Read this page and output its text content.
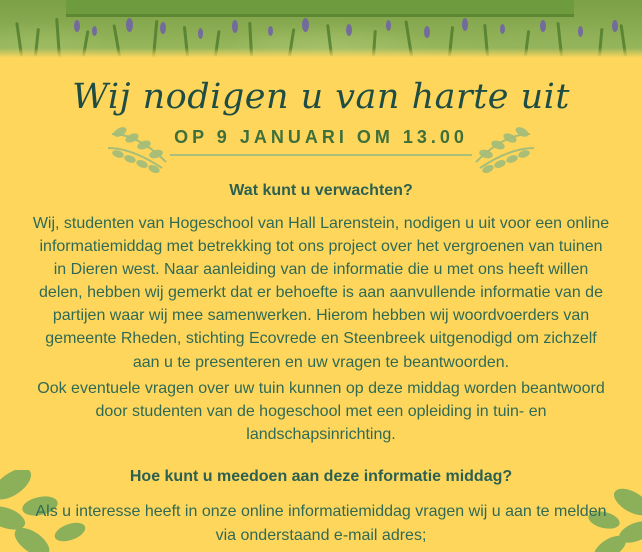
Wij nodigen u van harte uit
OP 9 JANUARI OM 13.00
Wat kunt u verwachten?

Wij, studenten van Hogeschool van Hall Larenstein, nodigen u uit voor een online informatiemiddag met betrekking tot ons project over het vergroenen van tuinen in Dieren west. Naar aanleiding van de informatie die u met ons heeft willen delen, hebben wij gemerkt dat er behoefte is aan aanvullende informatie van de partijen waar wij mee samenwerken. Hierom hebben wij woordvoerders van gemeente Rheden, stichting Ecovrede en Steenbreek uitgenodigd om zichzelf aan u te presenteren en uw vragen te beantwoorden.

Ook eventuele vragen over uw tuin kunnen op deze middag worden beantwoord door studenten van de hogeschool met een opleiding in tuin- en landschapsinrichting.

Hoe kunt u meedoen aan deze informatie middag?

Als u interesse heeft in onze online informatiemiddag vragen wij u aan te melden via onderstaand e-mail adres;
